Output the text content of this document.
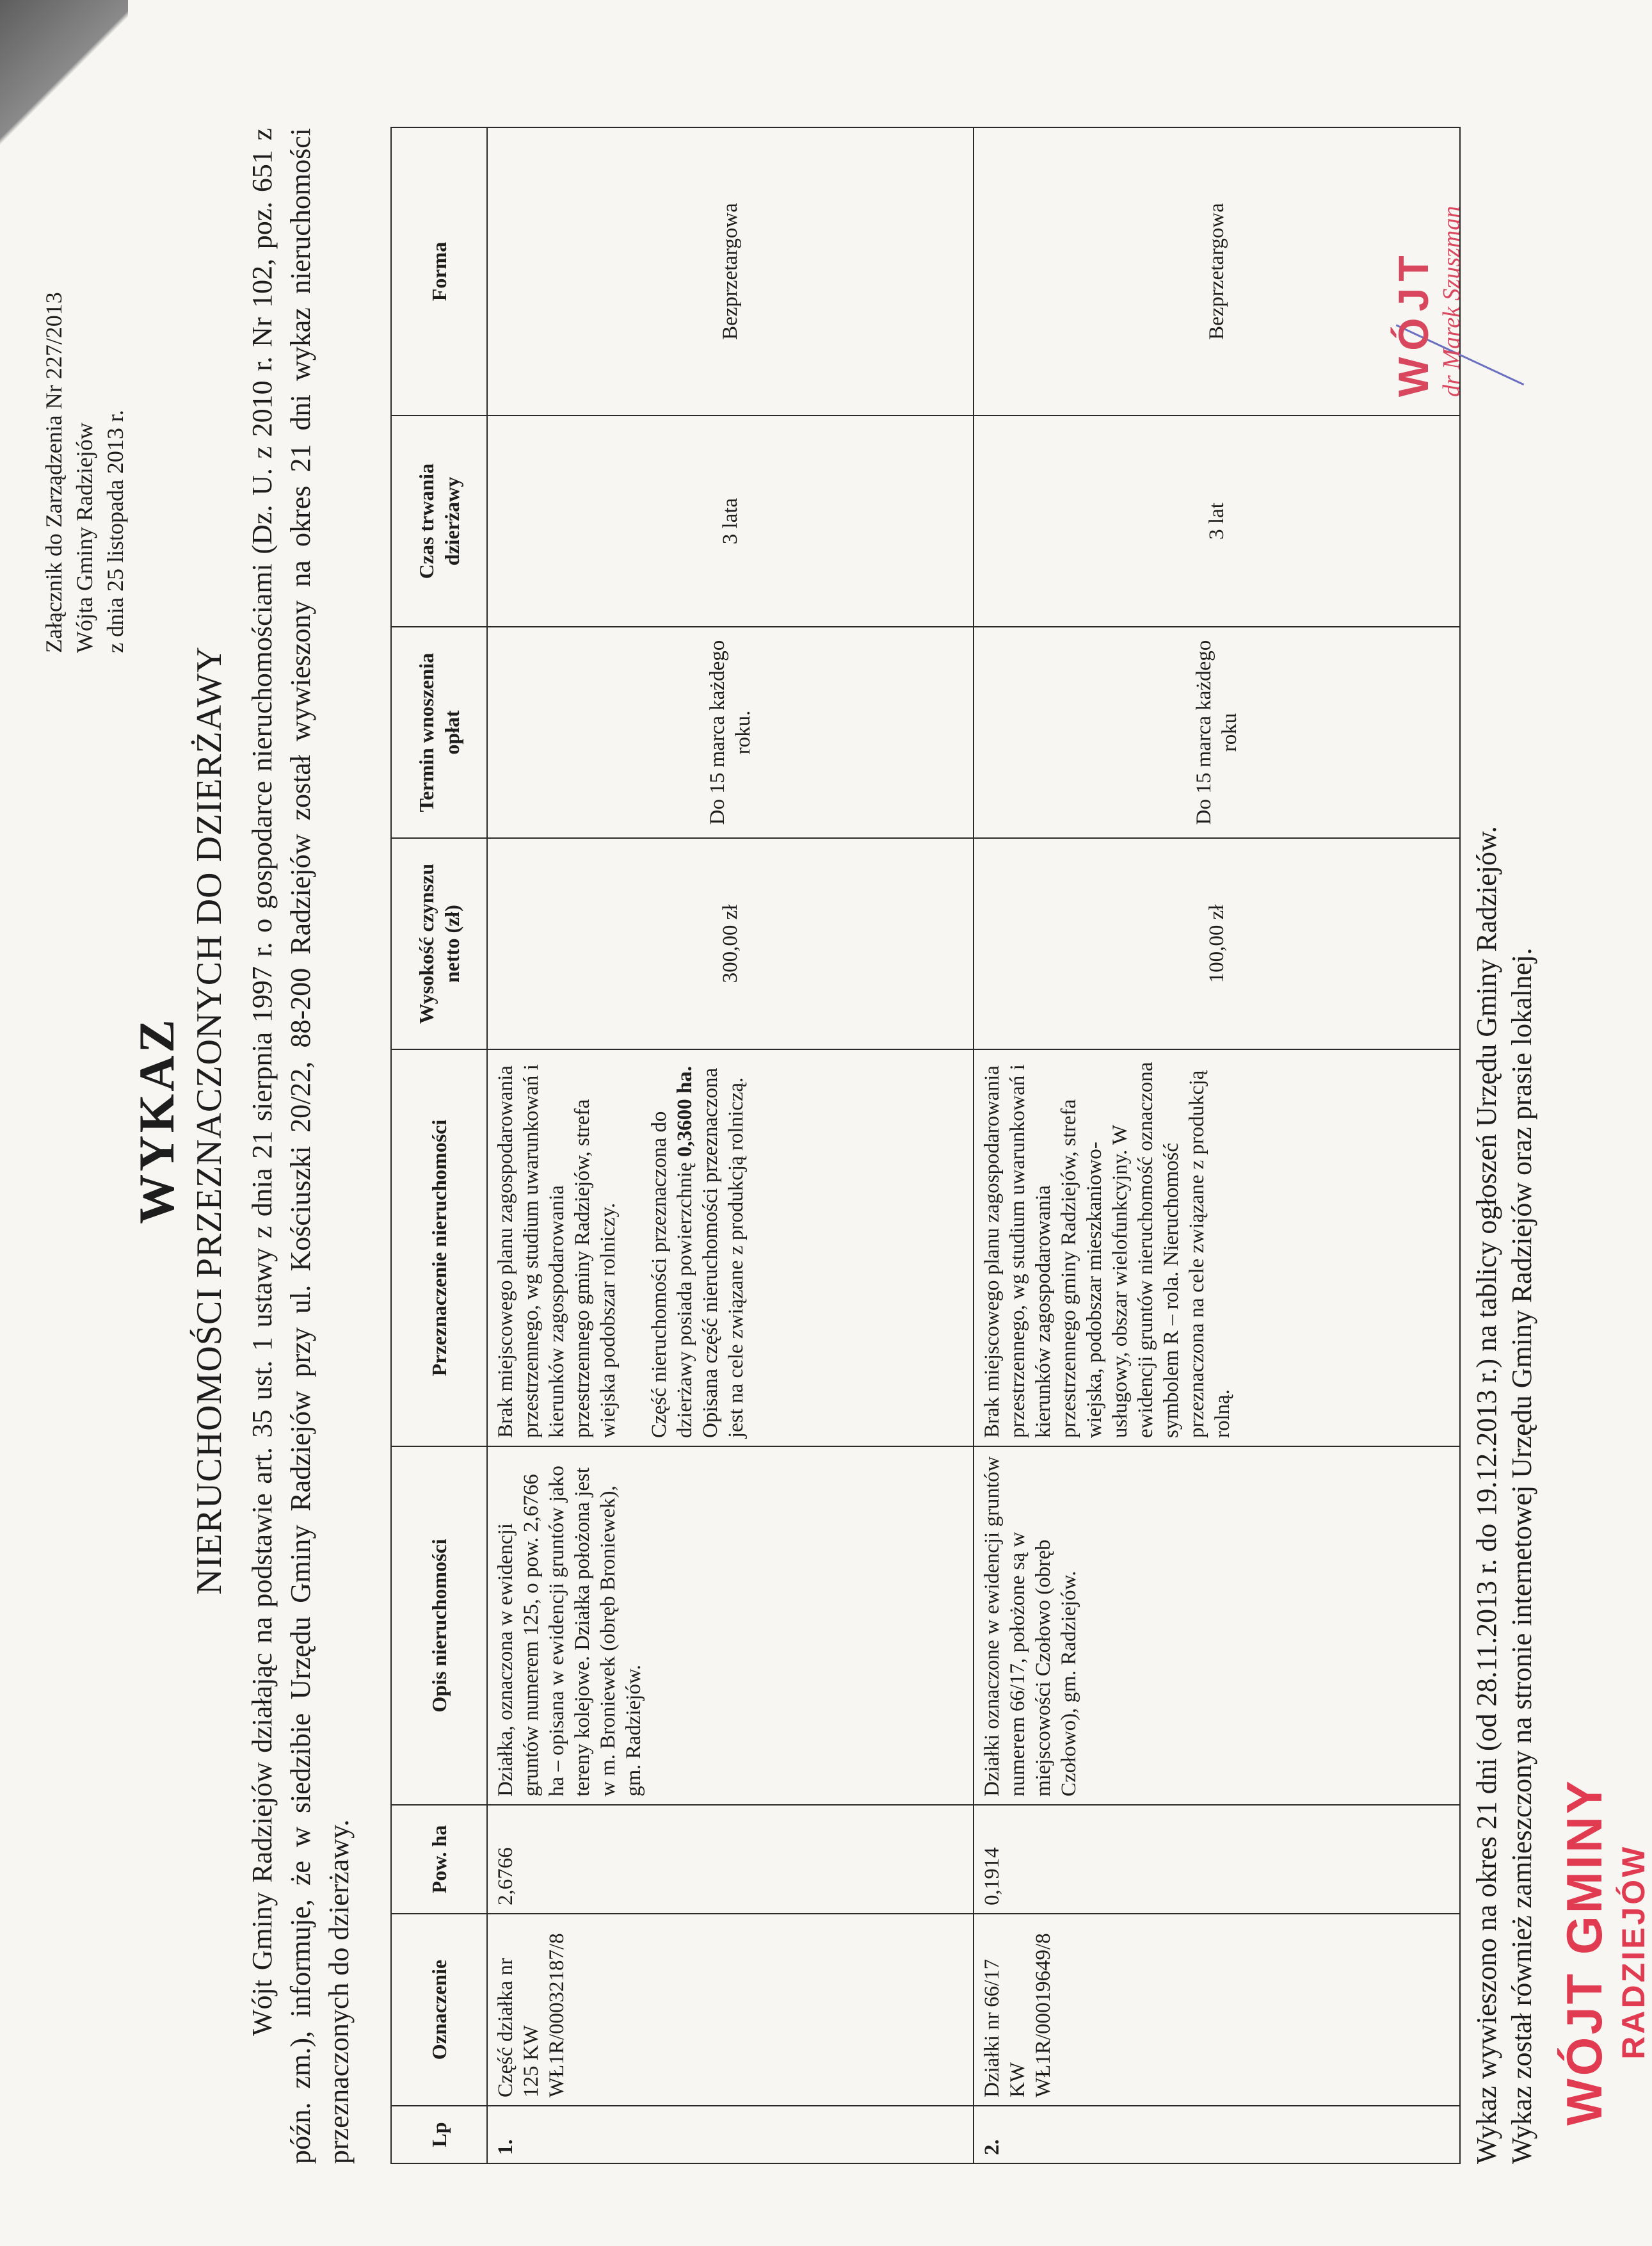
Załącznik do Zarządzenia Nr 227/2013 Wójta Gminy Radziejów z dnia 25 listopada 2013 r.
WYKAZ NIERUCHOMOŚCI PRZEZNACZONYCH DO DZIERŻAWY Wójt Gminy Radziejów działając na podstawie art. 35 ust. 1 ustawy z dnia 21 sierpnia 1997 r. o gospodarce nieruchomościami (Dz. U. z 2010 r. Nr 102, poz. 651 z późn. zm.), informuje, że w siedzibie Urzędu Gminy Radziejów przy ul. Kościuszki 20/22, 88-200 Radziejów został wywieszony na okres 21 dni wykaz nieruchomości przeznaczonych do dzierżawy.	Lp	Oznaczenie	Pow. ha	Opis nieruchomości	Przeznaczenie nieruchomości	Wysokość czynszu netto (zł)	Termin wnoszenia opłat	Czas trwania dzierżawy	Forma
1.	Część działka nr 125 KW WŁ1R/00032187/8	2,6766	Działka, oznaczona w ewidencji gruntów numerem 125, o pow. 2,6766 ha – opisana w ewidencji gruntów jako tereny kolejowe. Działka położona jest w m. Broniewek (obręb Broniewek), gm. Radziejów.	Brak miejscowego planu zagospodarowania przestrzennego, wg studium uwarunkowań i kierunków zagospodarowania przestrzennego gminy Radziejów, strefa wiejska podobszar rolniczy. Część nieruchomości przeznaczona do dzierżawy posiada powierzchnię 0,3600 ha. Opisana część nieruchomości przeznaczona jest na cele związane z produkcją rolniczą.	300,00 zł	Do 15 marca każdego roku.	3 lata	Bezprzetargowa
2.	Działki nr 66/17 KW WŁ1R/00019649/8	0,1914	Działki oznaczone w ewidencji gruntów numerem 66/17, położone są w miejscowości Czołowo (obręb Czołowo), gm. Radziejów.	Brak miejscowego planu zagospodarowania przestrzennego, wg studium uwarunkowań i kierunków zagospodarowania przestrzennego gminy Radziejów, strefa wiejska, podobszar mieszkaniowo-usługowy, obszar wielofunkcyjny. W ewidencji gruntów nieruchomość oznaczona symbolem R – rola. Nieruchomość przeznaczona na cele związane z produkcją rolną.	100,00 zł	Do 15 marca każdego roku	3 lat	Bezprzetargowa
Wykaz wywieszono na okres 21 dni (od 28.11.2013 r. do 19.12.2013 r.) na tablicy ogłoszeń Urzędu Gminy Radziejów. Wykaz został również zamieszczony na stronie internetowej Urzędu Gminy Radziejów oraz prasie lokalnej. WÓJT GMINY RADZIEJÓW
WÓJT dr Marek Szuszman
